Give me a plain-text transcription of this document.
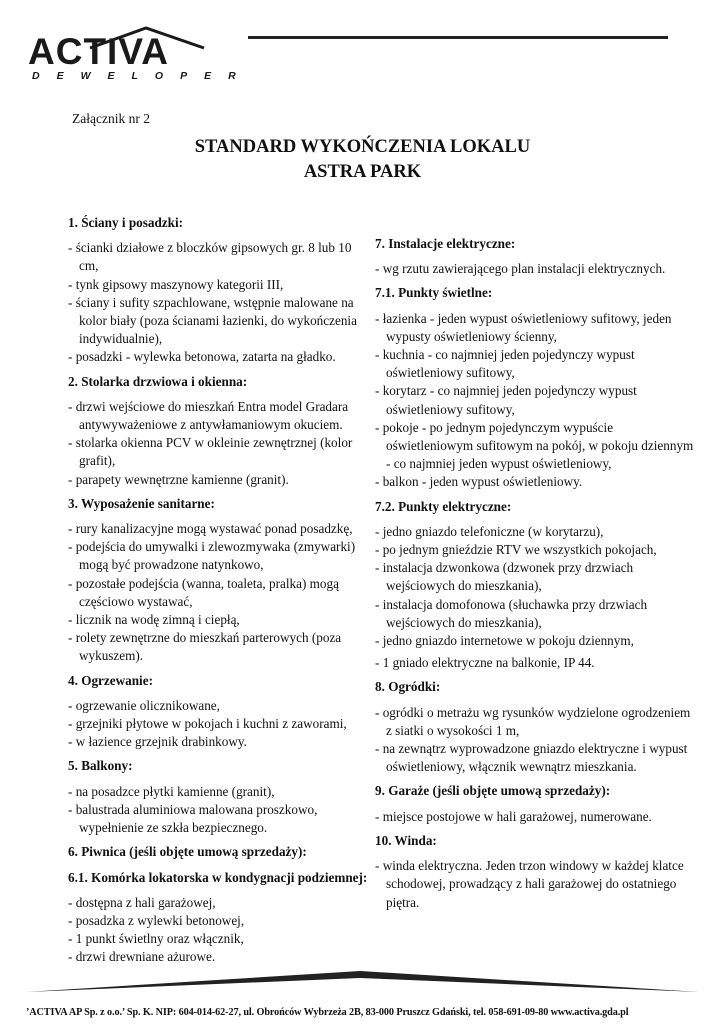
ACTIVA
DEWELOPER
Załącznik nr 2
STANDARD WYKOŃCZENIA LOKALU
ASTRA PARK

1. Ściany i posadzki:

- ścianki działowe z bloczków gipsowych gr. 8 lub 10 cm,

- tynk gipsowy maszynowy kategorii III,

- ściany i sufity szpachlowane, wstępnie malowane na kolor biały (poza ścianami łazienki, do wykończenia indywidualnie),

- posadzki - wylewka betonowa, zatarta na gładko.

2. Stolarka drzwiowa i okienna:

- drzwi wejściowe do mieszkań Entra model Gradara antywyważeniowe z antywłamaniowym okuciem.

- stolarka okienna PCV w okleinie zewnętrznej (kolor grafit),

- parapety wewnętrzne kamienne (granit).

3. Wyposażenie sanitarne:

- rury kanalizacyjne mogą wystawać ponad posadzkę,

- podejścia do umywalki i zlewozmywaka (zmywarki) mogą być prowadzone natynkowo,

- pozostałe podejścia (wanna, toaleta, pralka) mogą częściowo wystawać,

- licznik na wodę zimną i ciepłą,

- rolety zewnętrzne do mieszkań parterowych (poza wykuszem).

4. Ogrzewanie:

- ogrzewanie olicznikowane,

- grzejniki płytowe w pokojach i kuchni z zaworami,

- w łazience grzejnik drabinkowy.

5. Balkony:

- na posadzce płytki kamienne (granit),

- balustrada aluminiowa malowana proszkowo, wypełnienie ze szkła bezpiecznego.

6. Piwnica (jeśli objęte umową sprzedaży):

6.1. Komórka lokatorska w kondygnacji podziemnej:

- dostępna z hali garażowej,

- posadzka z wylewki betonowej,

- 1 punkt świetlny oraz włącznik,

- drzwi drewniane ażurowe.

7. Instalacje elektryczne:

- wg rzutu zawierającego plan instalacji elektrycznych.

7.1. Punkty świetlne:

- łazienka - jeden wypust oświetleniowy sufitowy, jeden wypusty oświetleniowy ścienny,

- kuchnia - co najmniej jeden pojedynczy wypust oświetleniowy sufitowy,

- korytarz - co najmniej jeden pojedynczy wypust oświetleniowy sufitowy,

- pokoje - po jednym pojedynczym wypuście oświetleniowym sufitowym na pokój, w pokoju dziennym - co najmniej jeden wypust oświetleniowy,

- balkon - jeden wypust oświetleniowy.

7.2. Punkty elektryczne:

- jedno gniazdo telefoniczne (w korytarzu),

- po jednym gnieździe RTV we wszystkich pokojach,

- instalacja dzwonkowa (dzwonek przy drzwiach wejściowych do mieszkania),

- instalacja domofonowa (słuchawka przy drzwiach wejściowych do mieszkania),

- jedno gniazdo internetowe w pokoju dziennym,

- 1 gniado elektryczne na balkonie, IP 44.

8. Ogródki:

- ogródki o metrażu wg rysunków wydzielone ogrodzeniem z siatki o wysokości 1 m,

- na zewnątrz wyprowadzone gniazdo elektryczne i wypust oświetleniowy, włącznik wewnątrz mieszkania.

9. Garaże (jeśli objęte umową sprzedaży):

- miejsce postojowe w hali garażowej, numerowane.

10. Winda:

- winda elektryczna. Jeden trzon windowy w każdej klatce schodowej, prowadzący z hali garażowej do ostatniego piętra.

’ACTIVA AP Sp. z o.o.’ Sp. K. NIP: 604-014-62-27, ul. Obrońców Wybrzeża 2B, 83-000 Pruszcz Gdański, tel. 058-691-09-80 www.activa.gda.pl
